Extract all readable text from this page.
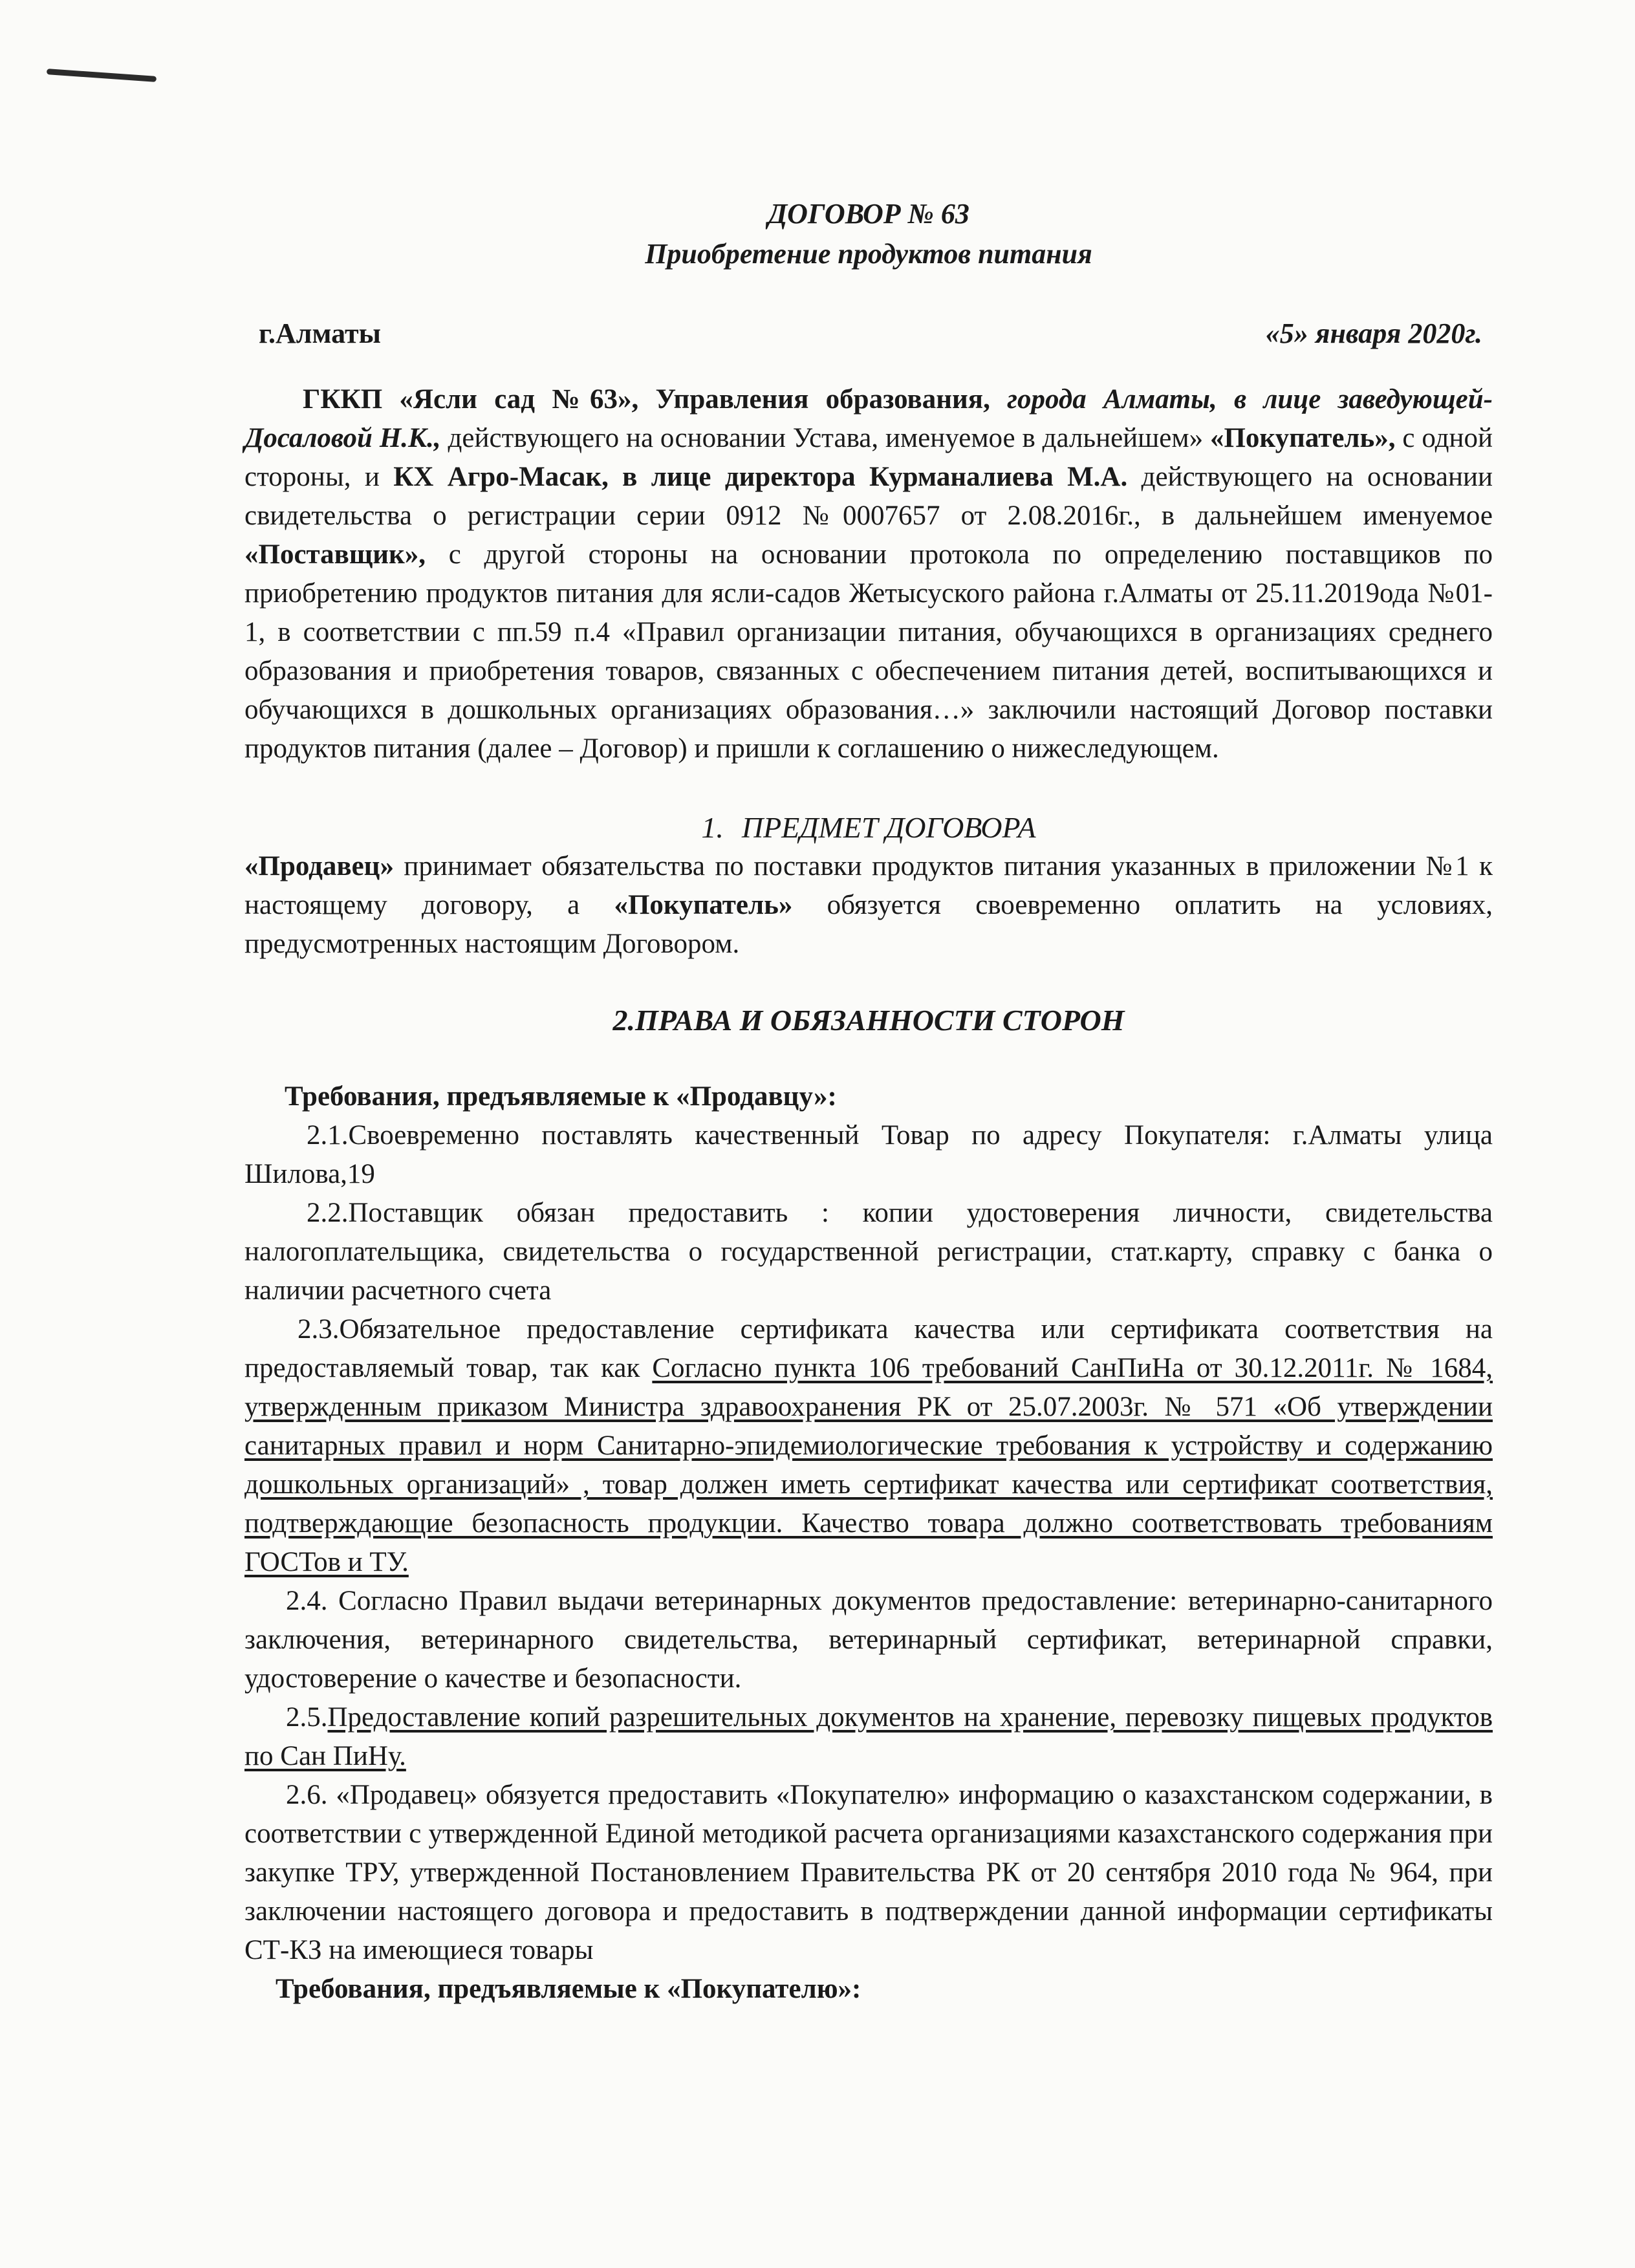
ДОГОВОР № 63

Приобретение продуктов питания

г.Алматы	«5» января 2020г.

ГККП «Ясли сад №63», Управления образования, города Алматы, в лице заведующей- Досаловой Н.К., действующего на основании Устава, именуемое в дальнейшем» «Покупатель», с одной стороны, и КХ Агро-Масак, в лице директора Курманалиева М.А. действующего на основании свидетельства о регистрации серии 0912 №0007657 от 2.08.2016г., в дальнейшем именуемое «Поставщик», с другой стороны на основании протокола по определению поставщиков по приобретению продуктов питания для ясли-садов Жетысуского района г.Алматы от 25.11.2019ода №01-1, в соответствии с пп.59 п.4 «Правил организации питания, обучающихся в организациях среднего образования и приобретения товаров, связанных с обеспечением питания детей, воспитывающихся и обучающихся в дошкольных организациях образования…» заключили настоящий Договор поставки продуктов питания (далее – Договор) и пришли к соглашению о нижеследующем.

1. ПРЕДМЕТ ДОГОВОРА

«Продавец» принимает обязательства по поставки продуктов питания указанных в приложении №1 к настоящему договору, а «Покупатель» обязуется своевременно оплатить на условиях, предусмотренных настоящим Договором.

2.ПРАВА И ОБЯЗАННОСТИ СТОРОН

Требования, предъявляемые к «Продавцу»:

2.1.Своевременно поставлять качественный Товар по адресу Покупателя: г.Алматы улица Шилова,19

2.2.Поставщик обязан предоставить : копии удостоверения личности, свидетельства налогоплательщика, свидетельства о государственной регистрации, стат.карту, справку с банка о наличии расчетного счета

2.3.Обязательное предоставление сертификата качества или сертификата соответствия на предоставляемый товар, так как Согласно пункта 106 требований СанПиНа от 30.12.2011г. № 1684, утвержденным приказом Министра здравоохранения РК от 25.07.2003г. № 571 «Об утверждении санитарных правил и норм Санитарно-эпидемиологические требования к устройству и содержанию дошкольных организаций» , товар должен иметь сертификат качества или сертификат соответствия, подтверждающие безопасность продукции. Качество товара должно соответствовать требованиям ГОСТов и ТУ.

2.4. Согласно Правил выдачи ветеринарных документов предоставление: ветеринарно-санитарного заключения, ветеринарного свидетельства, ветеринарный сертификат, ветеринарной справки, удостоверение о качестве и безопасности.

2.5.Предоставление копий разрешительных документов на хранение, перевозку пищевых продуктов по Сан ПиНу.

2.6. «Продавец» обязуется предоставить «Покупателю» информацию о казахстанском содержании, в соответствии с утвержденной Единой методикой расчета организациями казахстанского содержания при закупке ТРУ, утвержденной Постановлением Правительства РК от 20 сентября 2010 года № 964, при заключении настоящего договора и предоставить в подтверждении данной информации сертификаты СТ-КЗ на имеющиеся товары

Требования, предъявляемые к «Покупателю»:
